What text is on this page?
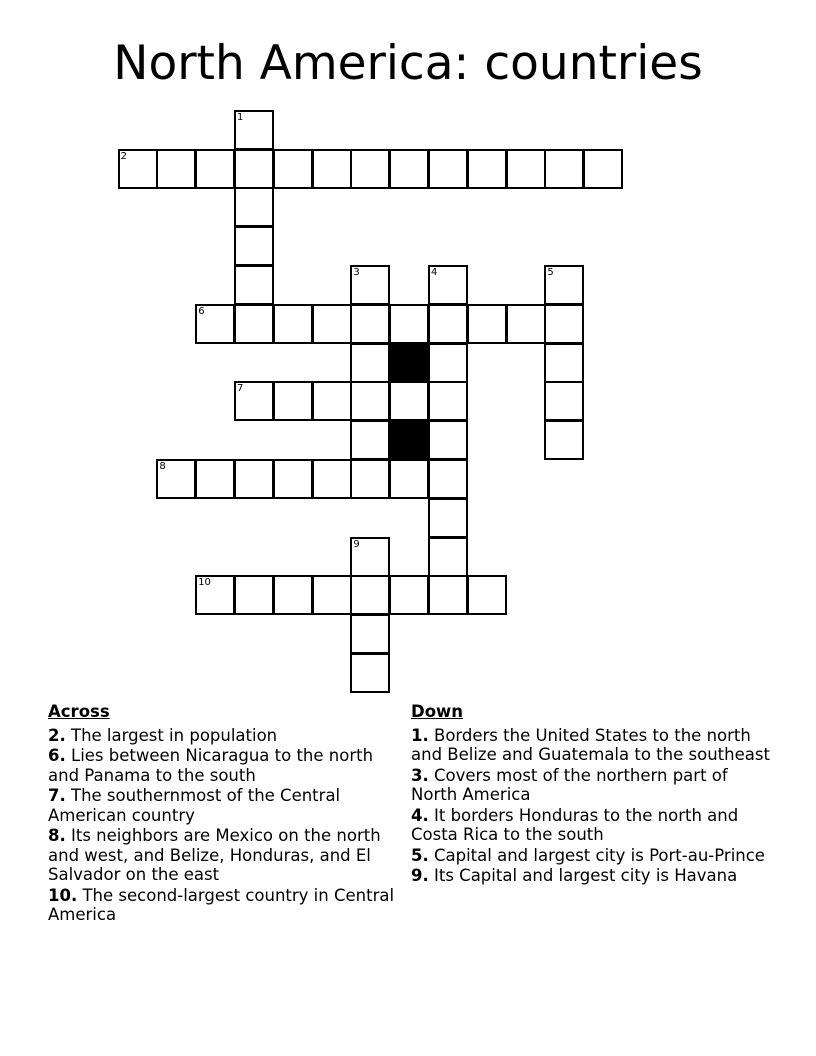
North America: countries
1
2
3	4	5
6
7
8
9
10
Across
2. The largest in population
6. Lies between Nicaragua to the north and Panama to the south
7. The southernmost of the Central American country
8. Its neighbors are Mexico on the north and west, and Belize, Honduras, and El Salvador on the east
10. The second-largest country in Central America
Down
1. Borders the United States to the north and Belize and Guatemala to the southeast
3. Covers most of the northern part of North America
4. It borders Honduras to the north and Costa Rica to the south
5. Capital and largest city is Port-au-Prince
9. Its Capital and largest city is Havana
